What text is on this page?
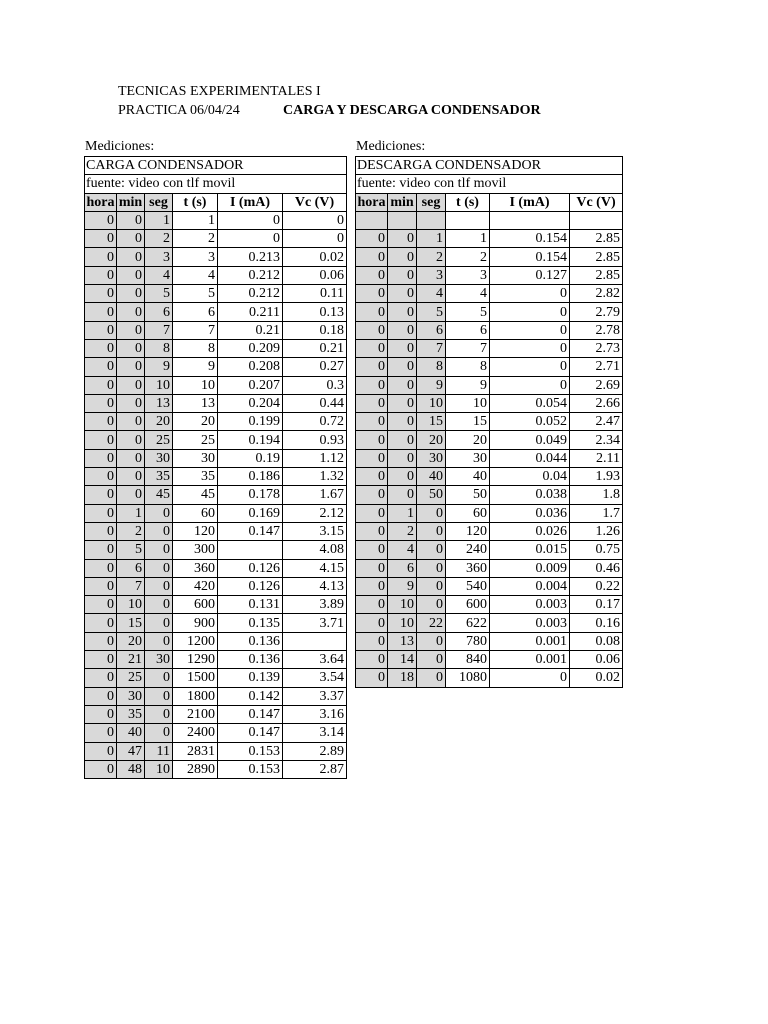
TECNICAS EXPERIMENTALES I
PRACTICA 06/04/24	CARGA Y DESCARGA CONDENSADOR
Mediciones:	Mediciones:
CARGA CONDENSADOR					
fuente: video con tlf movil					
hora	min	seg	t (s)	I (mA)	Vc (V)
0	0	1	1	0	0
0	0	2	2	0	0
0	0	3	3	0.213	0.02
0	0	4	4	0.212	0.06
0	0	5	5	0.212	0.11
0	0	6	6	0.211	0.13
0	0	7	7	0.21	0.18
0	0	8	8	0.209	0.21
0	0	9	9	0.208	0.27
0	0	10	10	0.207	0.3
0	0	13	13	0.204	0.44
0	0	20	20	0.199	0.72
0	0	25	25	0.194	0.93
0	0	30	30	0.19	1.12
0	0	35	35	0.186	1.32
0	0	45	45	0.178	1.67
0	1	0	60	0.169	2.12
0	2	0	120	0.147	3.15
0	5	0	300		4.08
0	6	0	360	0.126	4.15
0	7	0	420	0.126	4.13
0	10	0	600	0.131	3.89
0	15	0	900	0.135	3.71
0	20	0	1200	0.136	
0	21	30	1290	0.136	3.64
0	25	0	1500	0.139	3.54
0	30	0	1800	0.142	3.37
0	35	0	2100	0.147	3.16
0	40	0	2400	0.147	3.14
0	47	11	2831	0.153	2.89
0	48	10	2890	0.153	2.87
DESCARGA CONDENSADOR					
fuente: video con tlf movil					
hora	min	seg	t (s)	I (mA)	Vc (V)

0	0	1	1	0.154	2.85
0	0	2	2	0.154	2.85
0	0	3	3	0.127	2.85
0	0	4	4	0	2.82
0	0	5	5	0	2.79
0	0	6	6	0	2.78
0	0	7	7	0	2.73
0	0	8	8	0	2.71
0	0	9	9	0	2.69
0	0	10	10	0.054	2.66
0	0	15	15	0.052	2.47
0	0	20	20	0.049	2.34
0	0	30	30	0.044	2.11
0	0	40	40	0.04	1.93
0	0	50	50	0.038	1.8
0	1	0	60	0.036	1.7
0	2	0	120	0.026	1.26
0	4	0	240	0.015	0.75
0	6	0	360	0.009	0.46
0	9	0	540	0.004	0.22
0	10	0	600	0.003	0.17
0	10	22	622	0.003	0.16
0	13	0	780	0.001	0.08
0	14	0	840	0.001	0.06
0	18	0	1080	0	0.02
